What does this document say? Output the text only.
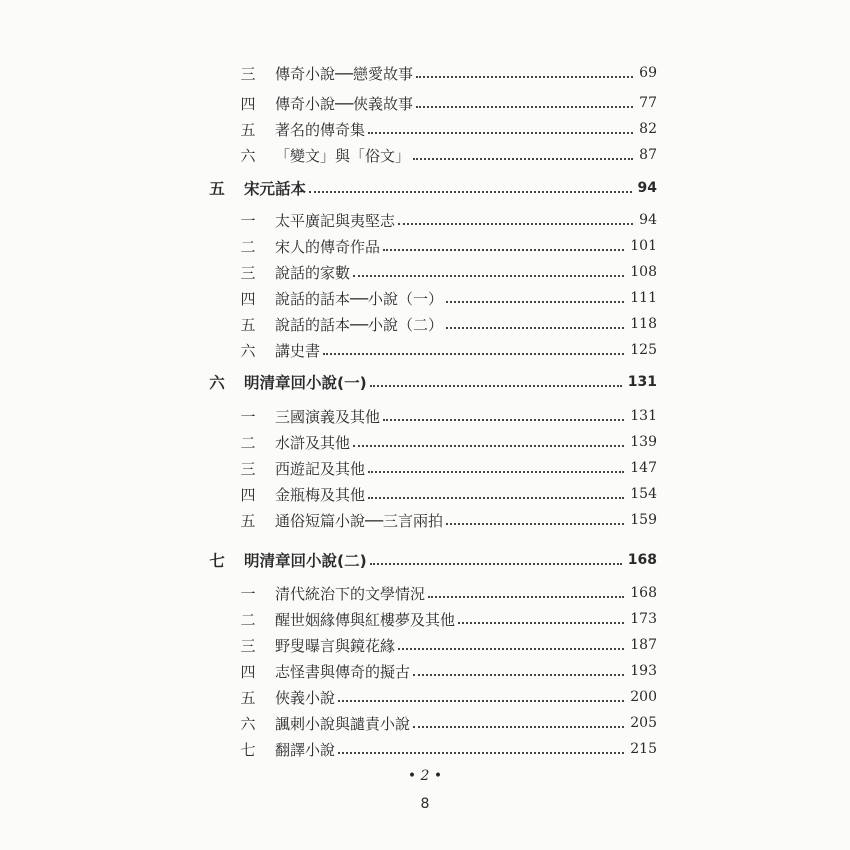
三	傳奇小說──戀愛故事	69
四	傳奇小說──俠義故事	77
五	著名的傳奇集	82
六	「變文」與「俗文」	87
五 宋元話本	94
一	太平廣記與夷堅志	94
二	宋人的傳奇作品	101
三	說話的家數	108
四	說話的話本──小說（一）	111
五	說話的話本──小說（二）	118
六	講史書	125
六 明清章回小說(一)	131
一	三國演義及其他	131
二	水滸及其他	139
三	西遊記及其他	147
四	金瓶梅及其他	154
五	通俗短篇小說──三言兩拍	159
七 明清章回小說(二)	168
一	清代統治下的文學情況	168
二	醒世姻緣傳與紅樓夢及其他	173
三	野叟曝言與鏡花緣	187
四	志怪書與傳奇的擬古	193
五	俠義小說	200
六	諷刺小說與譴責小說	205
七	翻譯小說	215
• 2 •
8
